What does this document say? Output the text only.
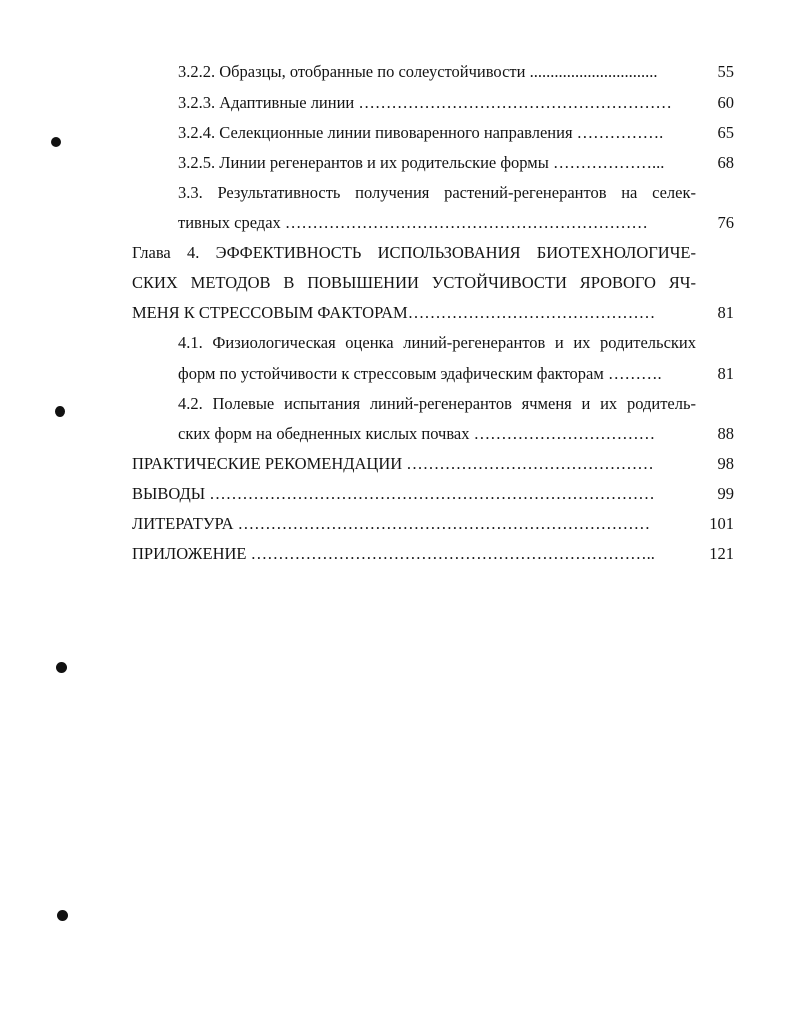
3.2.2. Образцы, отобранные по солеустойчивости ...............................	55
3.2.3. Адаптивные линии …………………………………………………	60
3.2.4. Селекционные линии пивоваренного направления …………….	65
3.2.5. Линии регенерантов и их родительские формы ………………...	68
3.3. Результативность получения растений-регенерантов на селек-
тивных средах …………………………………………………………	76
Глава 4. ЭФФЕКТИВНОСТЬ ИСПОЛЬЗОВАНИЯ БИОТЕХНОЛОГИЧЕ-
СКИХ МЕТОДОВ В ПОВЫШЕНИИ УСТОЙЧИВОСТИ ЯРОВОГО ЯЧ-
МЕНЯ К СТРЕССОВЫМ ФАКТОРАМ………………………………………	81
4.1. Физиологическая оценка линий-регенерантов и их родительских
форм по устойчивости к стрессовым эдафическим факторам ……….	81
4.2. Полевые испытания линий-регенерантов ячменя и их родитель-
ских форм на обедненных кислых почвах ……………………………	88
ПРАКТИЧЕСКИЕ РЕКОМЕНДАЦИИ ………………………………………	98
ВЫВОДЫ ………………………………………………………………………	99
ЛИТЕРАТУРА …………………………………………………………………	101
ПРИЛОЖЕНИЕ ………………………………………………………………..	121
